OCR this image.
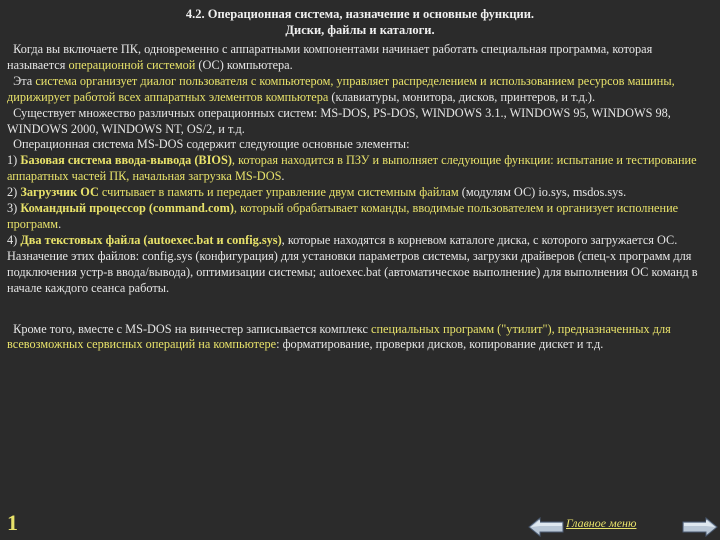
4.2. Операционная система, назначение и основные функции.
Диски, файлы и каталоги.

Когда вы включаете ПК, одновременно с аппаратными компонентами начинает работать специальная программа, которая называется операционной системой (ОС) компьютера.

Эта система организует диалог пользователя с компьютером, управляет распределением и использованием ресурсов машины, дирижирует работой всех аппаратных элементов компьютера (клавиатуры, монитора, дисков, принтеров, и т.д.).

Существует множество различных операционных систем: MS-DOS, PS-DOS, WINDOWS 3.1., WINDOWS 95, WINDOWS 98, WINDOWS 2000, WINDOWS NT, OS/2, и т.д.

Операционная система MS-DOS содержит следующие основные элементы:

1) Базовая система ввода-вывода (BIOS), которая находится в ПЗУ и выполняет следующие функции: испытание и тестирование аппаратных частей ПК, начальная загрузка MS-DOS.

2) Загрузчик ОС считывает в память и передает управление двум системным файлам (модулям ОС) io.sys, msdos.sys.

3) Командный процессор (command.com), который обрабатывает команды, вводимые пользователем и организует исполнение программ.

4) Два текстовых файла (autoexec.bat и config.sys), которые находятся в корневом каталоге диска, с которого загружается ОС. Назначение этих файлов: config.sys (конфигурация) для установки параметров системы, загрузки драйверов (спец-х программ для подключения устр-в ввода/вывода), оптимизации системы; autoexec.bat (автоматическое выполнение) для выполнения ОС команд в начале каждого сеанса работы.

Кроме того, вместе с MS-DOS на винчестер записывается комплекс специальных программ ("утилит"), предназначенных для всевозможных сервисных операций на компьютере: форматирование, проверки дисков, копирование дискет и т.д.

1	Главное меню
